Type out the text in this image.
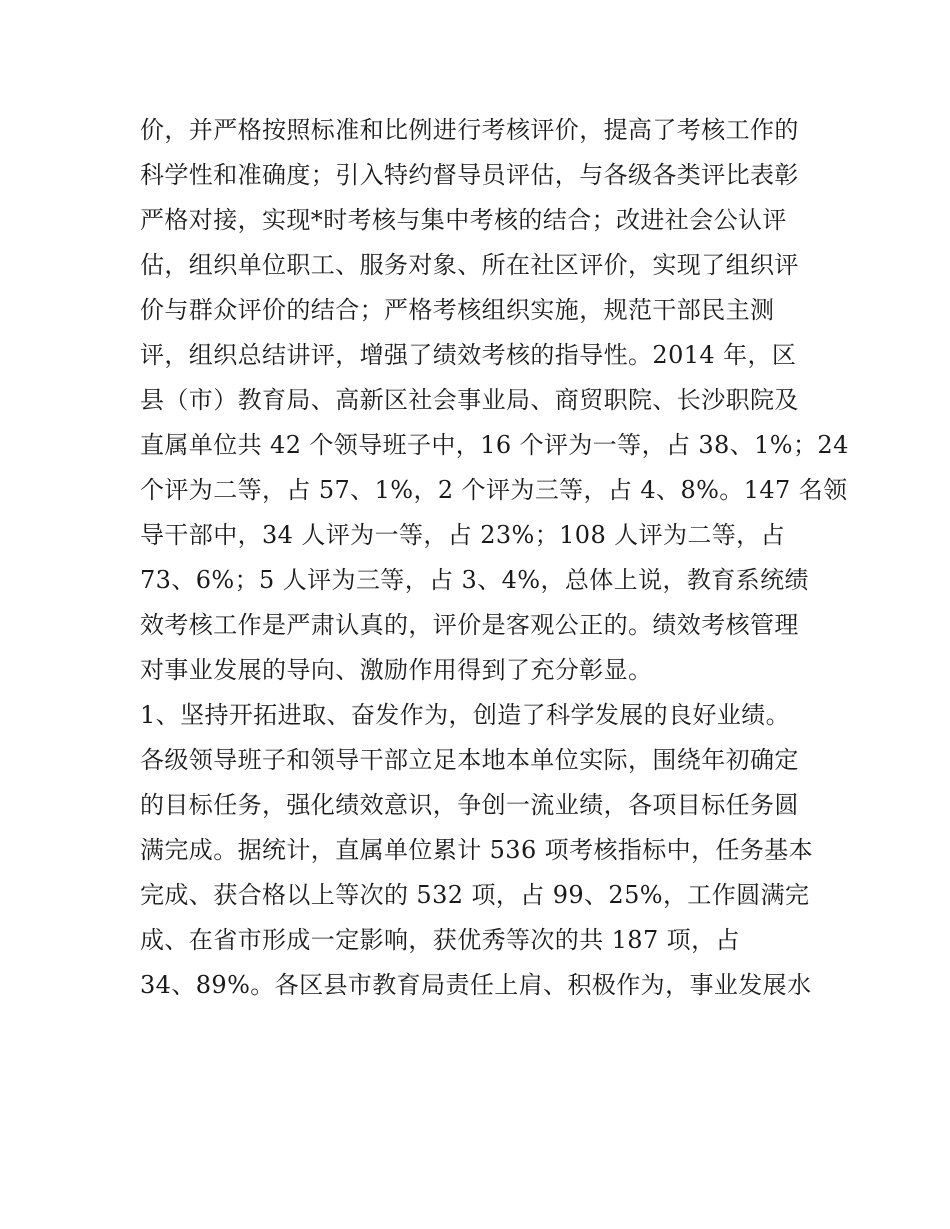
价，并严格按照标准和比例进行考核评价，提高了考核工作的
科学性和准确度；引入特约督导员评估，与各级各类评比表彰
严格对接，实现*时考核与集中考核的结合；改进社会公认评
估，组织单位职工、服务对象、所在社区评价，实现了组织评
价与群众评价的结合；严格考核组织实施，规范干部民主测
评，组织总结讲评，增强了绩效考核的指导性。2014 年，区
县（市）教育局、高新区社会事业局、商贸职院、长沙职院及
直属单位共 42 个领导班子中，16 个评为一等，占 38、1%；24
个评为二等，占 57、1%，2 个评为三等，占 4、8%。147 名领
导干部中，34 人评为一等，占 23%；108 人评为二等，占
73、6%；5 人评为三等，占 3、4%，总体上说，教育系统绩
效考核工作是严肃认真的，评价是客观公正的。绩效考核管理
对事业发展的导向、激励作用得到了充分彰显。
1、坚持开拓进取、奋发作为，创造了科学发展的良好业绩。
各级领导班子和领导干部立足本地本单位实际，围绕年初确定
的目标任务，强化绩效意识，争创一流业绩，各项目标任务圆
满完成。据统计，直属单位累计 536 项考核指标中，任务基本
完成、获合格以上等次的 532 项，占 99、25%，工作圆满完
成、在省市形成一定影响，获优秀等次的共 187 项，占
34、89%。各区县市教育局责任上肩、积极作为，事业发展水
